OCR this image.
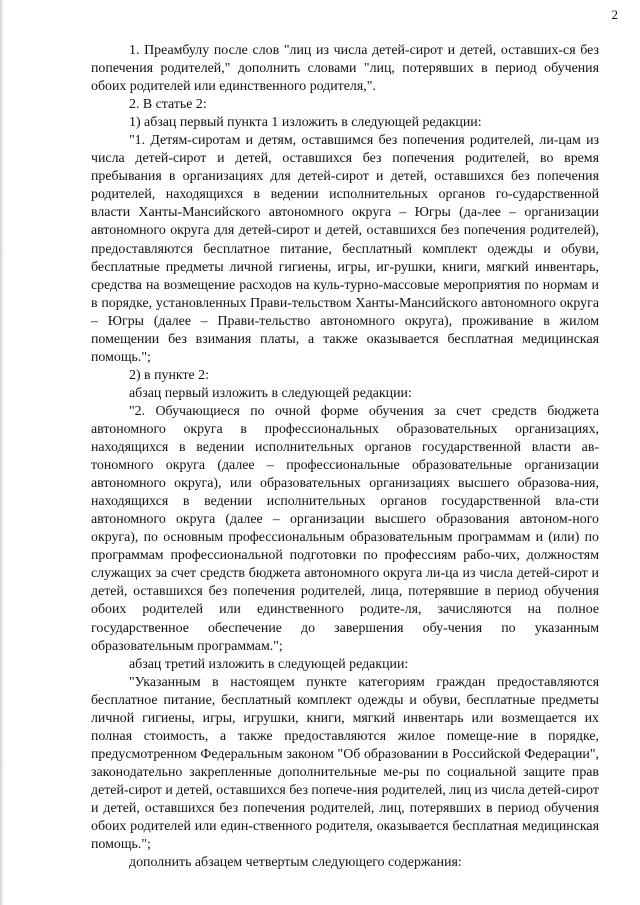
2

1. Преамбулу после слов "лиц из числа детей-сирот и детей, оставших-ся без попечения родителей," дополнить словами "лиц, потерявших в период обучения обоих родителей или единственного родителя,".

2. В статье 2:

1) абзац первый пункта 1 изложить в следующей редакции:

"1. Детям-сиротам и детям, оставшимся без попечения родителей, ли-цам из числа детей-сирот и детей, оставшихся без попечения родителей, во время пребывания в организациях для детей-сирот и детей, оставшихся без попечения родителей, находящихся в ведении исполнительных органов го-сударственной власти Ханты-Мансийского автономного округа – Югры (да-лее – организации автономного округа для детей-сирот и детей, оставшихся без попечения родителей), предоставляются бесплатное питание, бесплатный комплект одежды и обуви, бесплатные предметы личной гигиены, игры, иг-рушки, книги, мягкий инвентарь, средства на возмещение расходов на куль-турно-массовые мероприятия по нормам и в порядке, установленных Прави-тельством Ханты-Мансийского автономного округа – Югры (далее – Прави-тельство автономного округа), проживание в жилом помещении без взимания платы, а также оказывается бесплатная медицинская помощь.";

2) в пункте 2:

абзац первый изложить в следующей редакции:

"2. Обучающиеся по очной форме обучения за счет средств бюджета автономного округа в профессиональных образовательных организациях, находящихся в ведении исполнительных органов государственной власти ав-тономного округа (далее – профессиональные образовательные организации автономного округа), или образовательных организациях высшего образова-ния, находящихся в ведении исполнительных органов государственной вла-сти автономного округа (далее – организации высшего образования автоном-ного округа), по основным профессиональным образовательным программам и (или) по программам профессиональной подготовки по профессиям рабо-чих, должностям служащих за счет средств бюджета автономного округа ли-ца из числа детей-сирот и детей, оставшихся без попечения родителей, лица, потерявшие в период обучения обоих родителей или единственного родите-ля, зачисляются на полное государственное обеспечение до завершения обу-чения по указанным образовательным программам.";

абзац третий изложить в следующей редакции:

"Указанным в настоящем пункте категориям граждан предоставляются бесплатное питание, бесплатный комплект одежды и обуви, бесплатные предметы личной гигиены, игры, игрушки, книги, мягкий инвентарь или возмещается их полная стоимость, а также предоставляются жилое помеще-ние в порядке, предусмотренном Федеральным законом "Об образовании в Российской Федерации", законодательно закрепленные дополнительные ме-ры по социальной защите прав детей-сирот и детей, оставшихся без попече-ния родителей, лиц из числа детей-сирот и детей, оставшихся без попечения родителей, лиц, потерявших в период обучения обоих родителей или един-ственного родителя, оказывается бесплатная медицинская помощь.";

дополнить абзацем четвертым следующего содержания:
